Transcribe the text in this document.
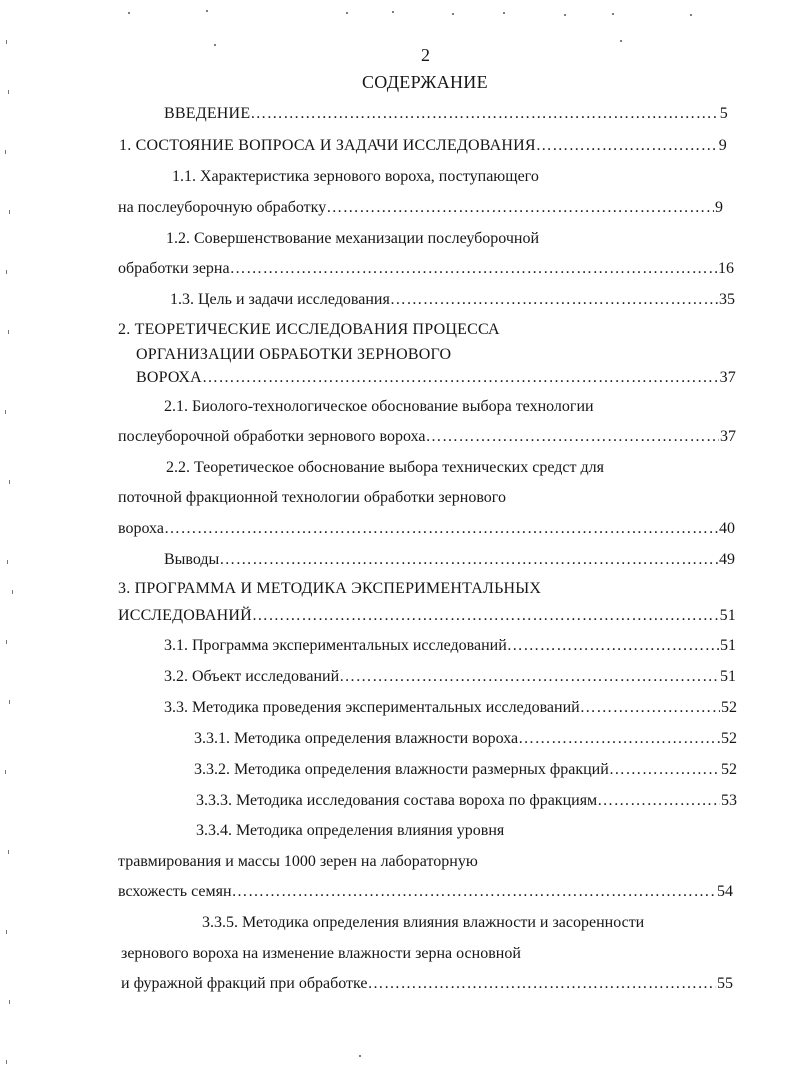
2
СОДЕРЖАНИЕ
ВВЕДЕНИЕ …………………………………………………………………………………………………………………………………………………………………	5
1. СОСТОЯНИЕ ВОПРОСА И ЗАДАЧИ ИССЛЕДОВАНИЯ …………………………………………………………………………………………………………………………………………………………………	9
1.1. Характеристика зернового вороха, поступающего
на послеуборочную обработку …………………………………………………………………………………………………………………………………………………………………	9
1.2. Совершенствование механизации послеуборочной
обработки зерна …………………………………………………………………………………………………………………………………………………………………	16
1.3. Цель и задачи исследования …………………………………………………………………………………………………………………………………………………………………	35
2. ТЕОРЕТИЧЕСКИЕ ИССЛЕДОВАНИЯ ПРОЦЕССА
ОРГАНИЗАЦИИ ОБРАБОТКИ ЗЕРНОВОГО
ВОРОХА …………………………………………………………………………………………………………………………………………………………………	37
2.1. Биолого-технологическое обоснование выбора технологии
послеуборочной обработки зернового вороха …………………………………………………………………………………………………………………………………………………………………	37
2.2. Теоретическое обоснование выбора технических средст для
поточной фракционной технологии обработки зернового
вороха …………………………………………………………………………………………………………………………………………………………………	40
Выводы …………………………………………………………………………………………………………………………………………………………………	49
3. ПРОГРАММА И МЕТОДИКА ЭКСПЕРИМЕНТАЛЬНЫХ
ИССЛЕДОВАНИЙ …………………………………………………………………………………………………………………………………………………………………	51
3.1. Программа экспериментальных исследований …………………………………………………………………………………………………………………………………………………………………	51
3.2. Объект исследований …………………………………………………………………………………………………………………………………………………………………	51
3.3. Методика проведения экспериментальных исследований …………………………………………………………………………………………………………………………………………………………………	52
3.3.1. Методика определения влажности вороха …………………………………………………………………………………………………………………………………………………………………	52
3.3.2. Методика определения влажности размерных фракций …………………………………………………………………………………………………………………………………………………………………	52
3.3.3. Методика исследования состава вороха по фракциям …………………………………………………………………………………………………………………………………………………………………	53
3.3.4. Методика определения влияния уровня
травмирования и массы 1000 зерен на лабораторную
всхожесть семян …………………………………………………………………………………………………………………………………………………………………	54
3.3.5. Методика определения влияния влажности и засоренности
зернового вороха на изменение влажности зерна основной
и фуражной фракций при обработке …………………………………………………………………………………………………………………………………………………………………	55
